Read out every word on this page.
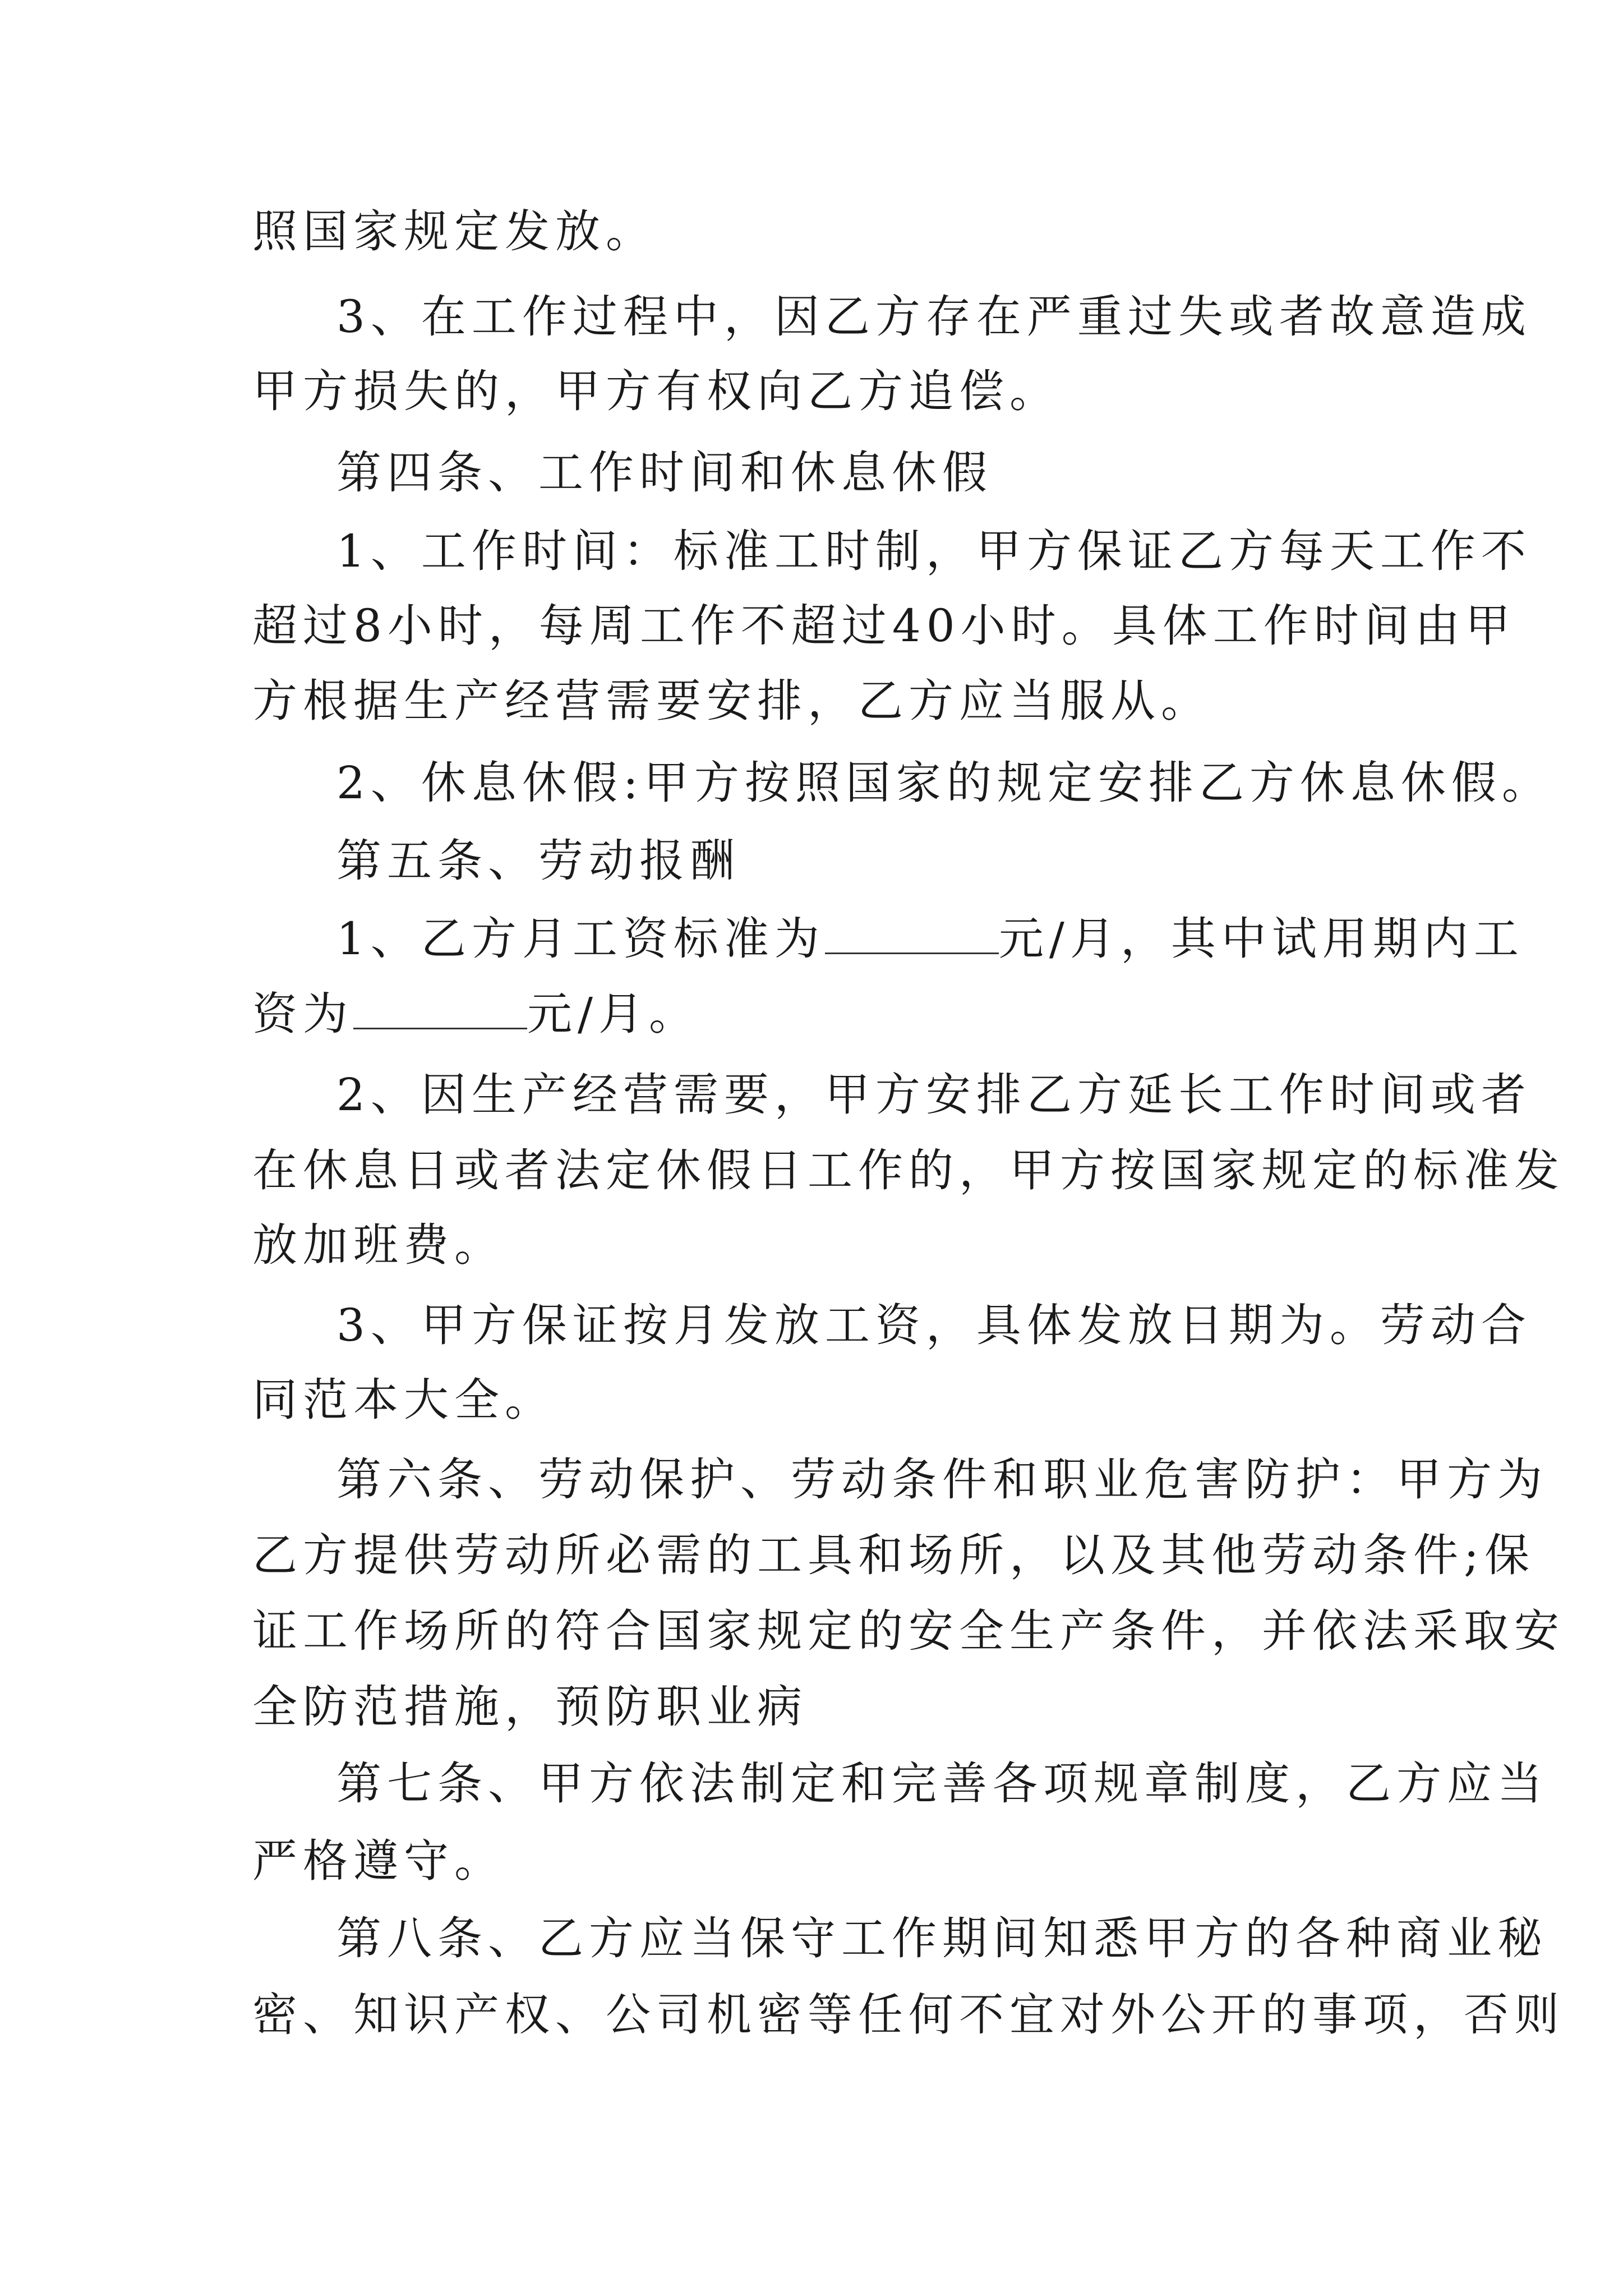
照国家规定发放。
3、在工作过程中，因乙方存在严重过失或者故意造成
甲方损失的，甲方有权向乙方追偿。
第四条、工作时间和休息休假
1、工作时间：标准工时制，甲方保证乙方每天工作不
超过8小时，每周工作不超过40小时。具体工作时间由甲
方根据生产经营需要安排，乙方应当服从。
2、休息休假:甲方按照国家的规定安排乙方休息休假。
第五条、劳动报酬
1、乙方月工资标准为	元/月，其中试用期内工
资为	元/月。
2、因生产经营需要，甲方安排乙方延长工作时间或者
在休息日或者法定休假日工作的，甲方按国家规定的标准发
放加班费。
3、甲方保证按月发放工资，具体发放日期为。劳动合
同范本大全。
第六条、劳动保护、劳动条件和职业危害防护：甲方为
乙方提供劳动所必需的工具和场所，以及其他劳动条件;保
证工作场所的符合国家规定的安全生产条件，并依法采取安
全防范措施，预防职业病
第七条、甲方依法制定和完善各项规章制度，乙方应当
严格遵守。
第八条、乙方应当保守工作期间知悉甲方的各种商业秘
密、知识产权、公司机密等任何不宜对外公开的事项，否则
